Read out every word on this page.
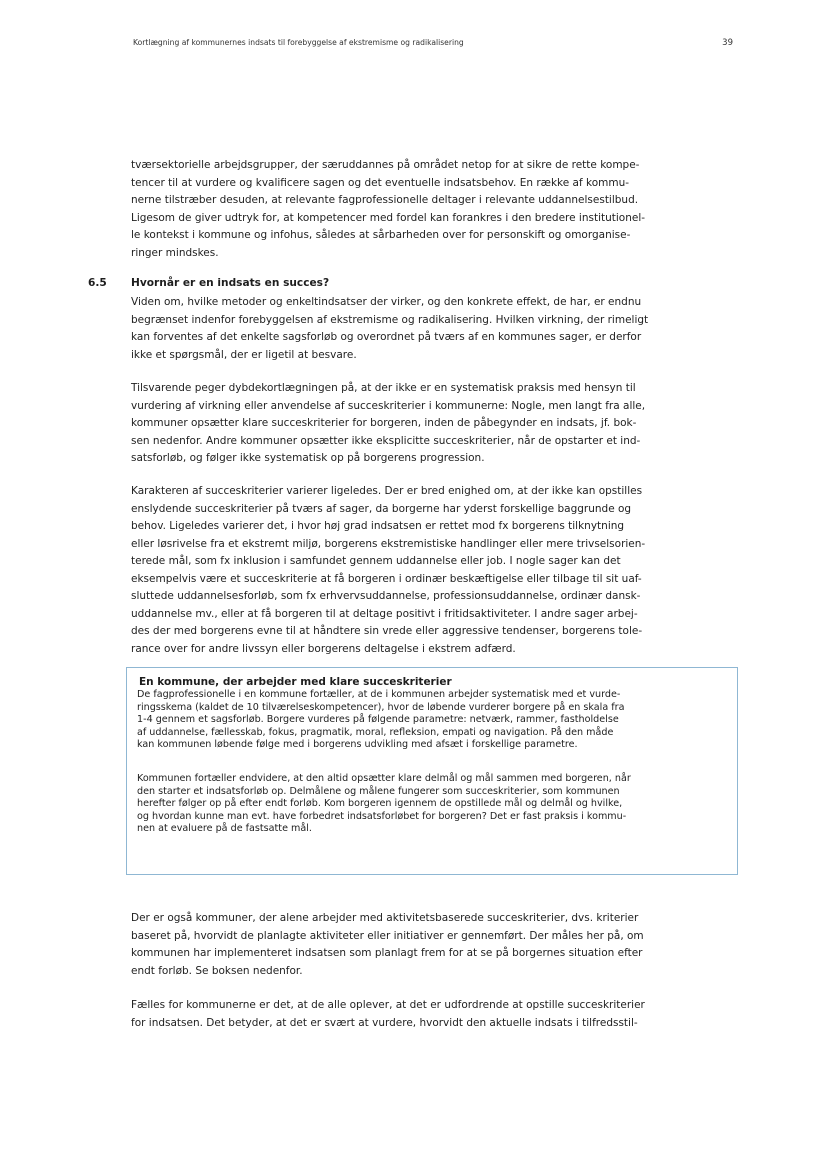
Kortlægning af kommunernes indsats til forebyggelse af ekstremisme og radikalisering	39
tværsektorielle arbejdsgrupper, der særuddannes på området netop for at sikre de rette kompe-
tencer til at vurdere og kvalificere sagen og det eventuelle indsatsbehov. En række af kommu-
nerne tilstræber desuden, at relevante fagprofessionelle deltager i relevante uddannelsestilbud.
Ligesom de giver udtryk for, at kompetencer med fordel kan forankres i den bredere institutionel-
le kontekst i kommune og infohus, således at sårbarheden over for personskift og omorganise-
ringer mindskes.
6.5 Hvornår er en indsats en succes?
Viden om, hvilke metoder og enkeltindsatser der virker, og den konkrete effekt, de har, er endnu
begrænset indenfor forebyggelsen af ekstremisme og radikalisering. Hvilken virkning, der rimeligt
kan forventes af det enkelte sagsforløb og overordnet på tværs af en kommunes sager, er derfor
ikke et spørgsmål, der er ligetil at besvare.
Tilsvarende peger dybdekortlægningen på, at der ikke er en systematisk praksis med hensyn til
vurdering af virkning eller anvendelse af succeskriterier i kommunerne: Nogle, men langt fra alle,
kommuner opsætter klare succeskriterier for borgeren, inden de påbegynder en indsats, jf. bok-
sen nedenfor. Andre kommuner opsætter ikke eksplicitte succeskriterier, når de opstarter et ind-
satsforløb, og følger ikke systematisk op på borgerens progression.
Karakteren af succeskriterier varierer ligeledes. Der er bred enighed om, at der ikke kan opstilles
enslydende succeskriterier på tværs af sager, da borgerne har yderst forskellige baggrunde og
behov. Ligeledes varierer det, i hvor høj grad indsatsen er rettet mod fx borgerens tilknytning
eller løsrivelse fra et ekstremt miljø, borgerens ekstremistiske handlinger eller mere trivselsorien-
terede mål, som fx inklusion i samfundet gennem uddannelse eller job. I nogle sager kan det
eksempelvis være et succeskriterie at få borgeren i ordinær beskæftigelse eller tilbage til sit uaf-
sluttede uddannelsesforløb, som fx erhvervsuddannelse, professionsuddannelse, ordinær dansk-
uddannelse mv., eller at få borgeren til at deltage positivt i fritidsaktiviteter. I andre sager arbej-
des der med borgerens evne til at håndtere sin vrede eller aggressive tendenser, borgerens tole-
rance over for andre livssyn eller borgerens deltagelse i ekstrem adfærd.
En kommune, der arbejder med klare succeskriterier
De fagprofessionelle i en kommune fortæller, at de i kommunen arbejder systematisk med et vurde-
ringsskema (kaldet de 10 tilværelseskompetencer), hvor de løbende vurderer borgere på en skala fra
1-4 gennem et sagsforløb. Borgere vurderes på følgende parametre: netværk, rammer, fastholdelse
af uddannelse, fællesskab, fokus, pragmatik, moral, refleksion, empati og navigation. På den måde
kan kommunen løbende følge med i borgerens udvikling med afsæt i forskellige parametre.
Kommunen fortæller endvidere, at den altid opsætter klare delmål og mål sammen med borgeren, når
den starter et indsatsforløb op. Delmålene og målene fungerer som succeskriterier, som kommunen
herefter følger op på efter endt forløb. Kom borgeren igennem de opstillede mål og delmål og hvilke,
og hvordan kunne man evt. have forbedret indsatsforløbet for borgeren? Det er fast praksis i kommu-
nen at evaluere på de fastsatte mål.
Der er også kommuner, der alene arbejder med aktivitetsbaserede succeskriterier, dvs. kriterier
baseret på, hvorvidt de planlagte aktiviteter eller initiativer er gennemført. Der måles her på, om
kommunen har implementeret indsatsen som planlagt frem for at se på borgernes situation efter
endt forløb. Se boksen nedenfor.
Fælles for kommunerne er det, at de alle oplever, at det er udfordrende at opstille succeskriterier
for indsatsen. Det betyder, at det er svært at vurdere, hvorvidt den aktuelle indsats i tilfredsstil-
